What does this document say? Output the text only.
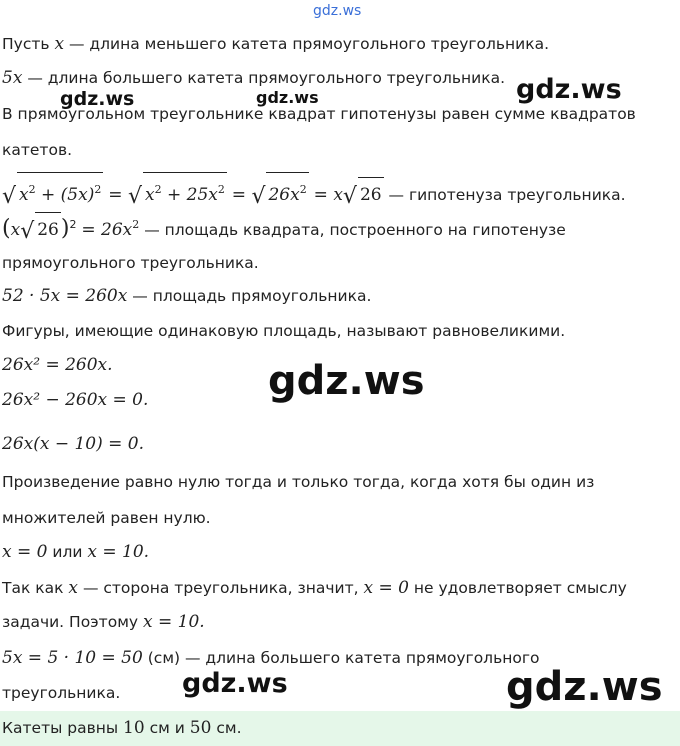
gdz.ws
Пусть x — длина меньшего катета прямоугольного треугольника.
5x — длина большего катета прямоугольного треугольника.
gdz.ws	gdz.ws	gdz.ws
В прямоугольном треугольнике квадрат гипотенузы равен сумме квадратов
катетов.
√ $x^2 + (5x)^2$ = √ $x^2 + 25x^2$ = √ $26x^2 = x√$ 26 — гипотенуза треугольника.
(x√ $26)^2 = 26x^2$ — площадь квадрата, построенного на гипотенузе
прямоугольного треугольника.
52 · 5x = 260x — площадь прямоугольника.
Фигуры, имеющие одинаковую площадь, называют равновеликими.
26x² = 260x.	gdz.ws
26x² − 260x = 0.
26x(x − 10) = 0.
Произведение равно нулю тогда и только тогда, когда хотя бы один из
множителей равен нулю.
x = 0 или x = 10.
Так как x — сторона треугольника, значит, x = 0 не удовлетворяет смыслу
задачи. Поэтому x = 10.
5x = 5 · 10 = 50 (см) — длина большего катета прямоугольного
треугольника. gdz.ws	gdz.ws
Катеты равны 10 см и 50 см.
